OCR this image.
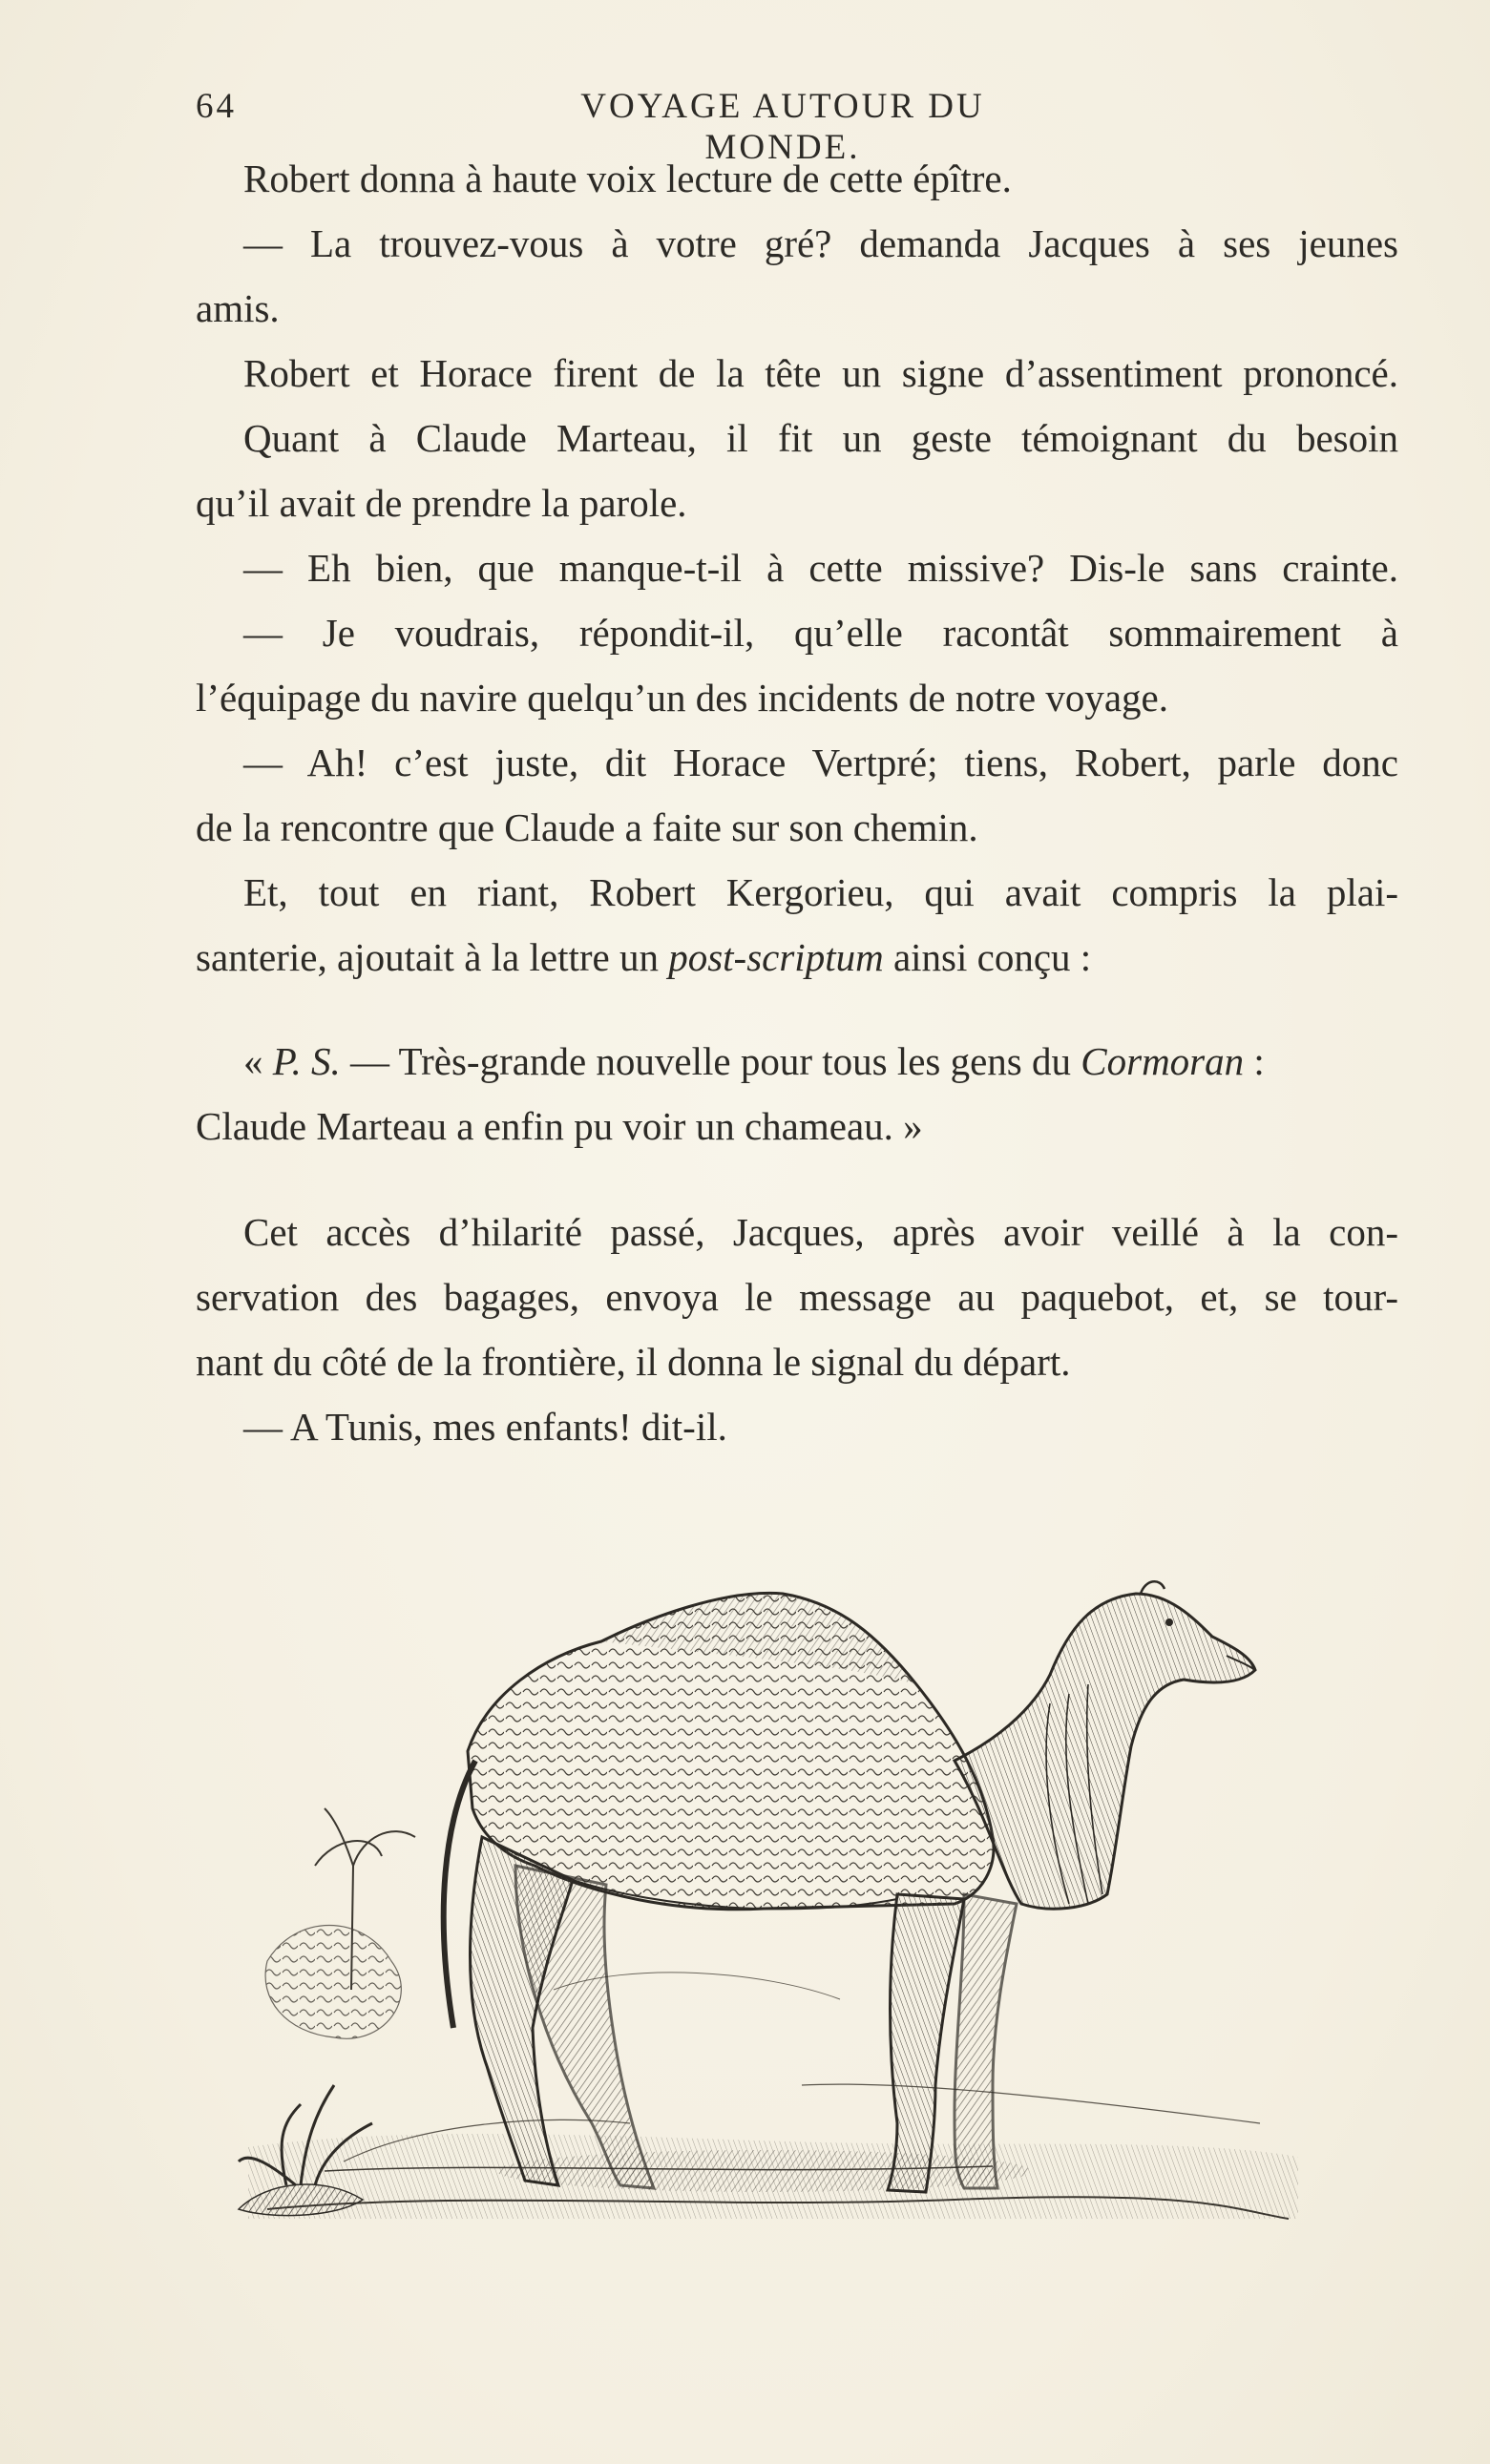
64	VOYAGE AUTOUR DU MONDE.
Robert donna à haute voix lecture de cette épître.
— La trouvez-vous à votre gré? demanda Jacques à ses jeunes
amis.
Robert et Horace firent de la tête un signe d’assentiment prononcé.
Quant à Claude Marteau, il fit un geste témoignant du besoin
qu’il avait de prendre la parole.
— Eh bien, que manque-t-il à cette missive? Dis-le sans crainte.
— Je voudrais, répondit-il, qu’elle racontât sommairement à
l’équipage du navire quelqu’un des incidents de notre voyage.
— Ah! c’est juste, dit Horace Vertpré; tiens, Robert, parle donc
de la rencontre que Claude a faite sur son chemin.
Et, tout en riant, Robert Kergorieu, qui avait compris la plai-
santerie, ajoutait à la lettre un post-scriptum ainsi conçu :
« P. S. — Très-grande nouvelle pour tous les gens du Cormoran :
Claude Marteau a enfin pu voir un chameau. »
Cet accès d’hilarité passé, Jacques, après avoir veillé à la con-
servation des bagages, envoya le message au paquebot, et, se tour-
nant du côté de la frontière, il donna le signal du départ.
— A Tunis, mes enfants! dit-il.
